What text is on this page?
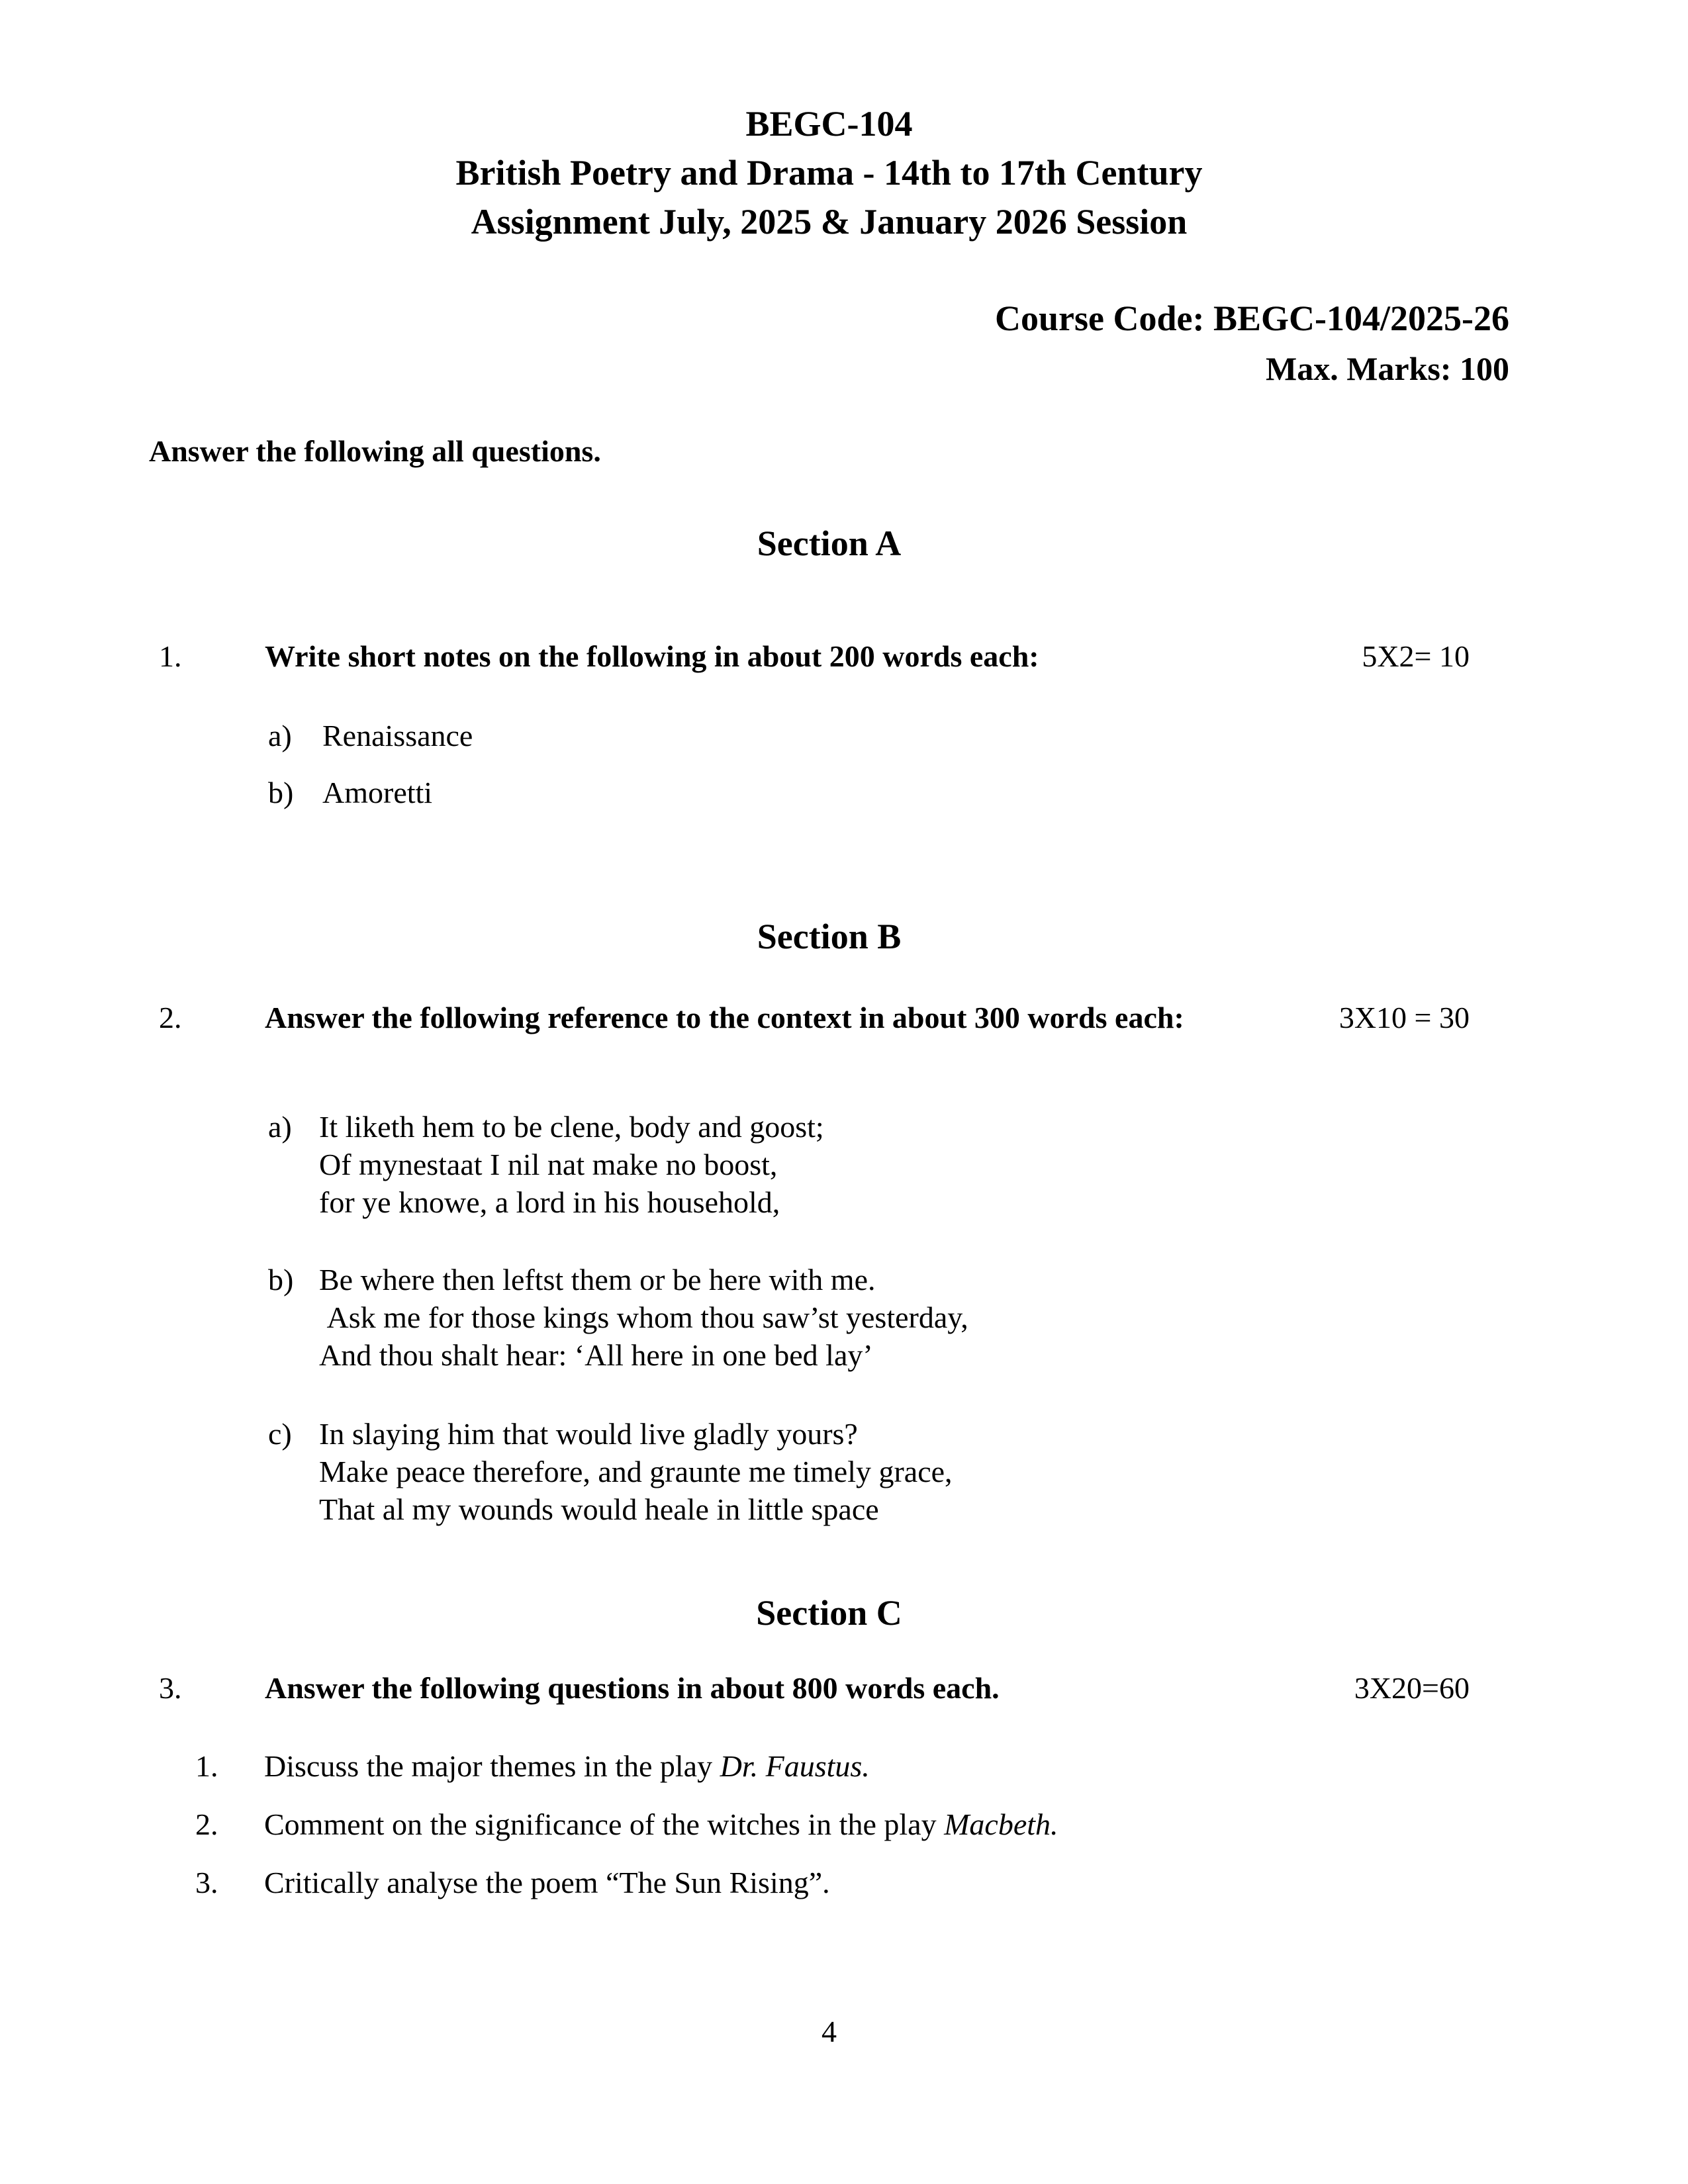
BEGC-104
British Poetry and Drama - 14th to 17th Century
Assignment July, 2025 & January 2026 Session
Course Code: BEGC-104/2025-26
Max. Marks: 100
Answer the following all questions.
Section A
1.	Write short notes on the following in about 200 words each:	5X2= 10
a)	Renaissance
b) Amoretti
Section B
2.	Answer the following reference to the context in about 300 words each:	3X10 = 30
a) It liketh hem to be clene, body and goost;
Of mynestaat I nil nat make no boost,
for ye knowe, a lord in his household,
b) Be where then leftst them or be here with me.
Ask me for those kings whom thou saw’st yesterday,
And thou shalt hear: ‘All here in one bed lay’
c) In slaying him that would live gladly yours?
Make peace therefore, and graunte me timely grace,
That al my wounds would heale in little space
Section C
3.	Answer the following questions in about 800 words each.	3X20=60
1.	Discuss the major themes in the play Dr. Faustus.
2.	Comment on the significance of the witches in the play Macbeth.
3.	Critically analyse the poem “The Sun Rising”.
4
